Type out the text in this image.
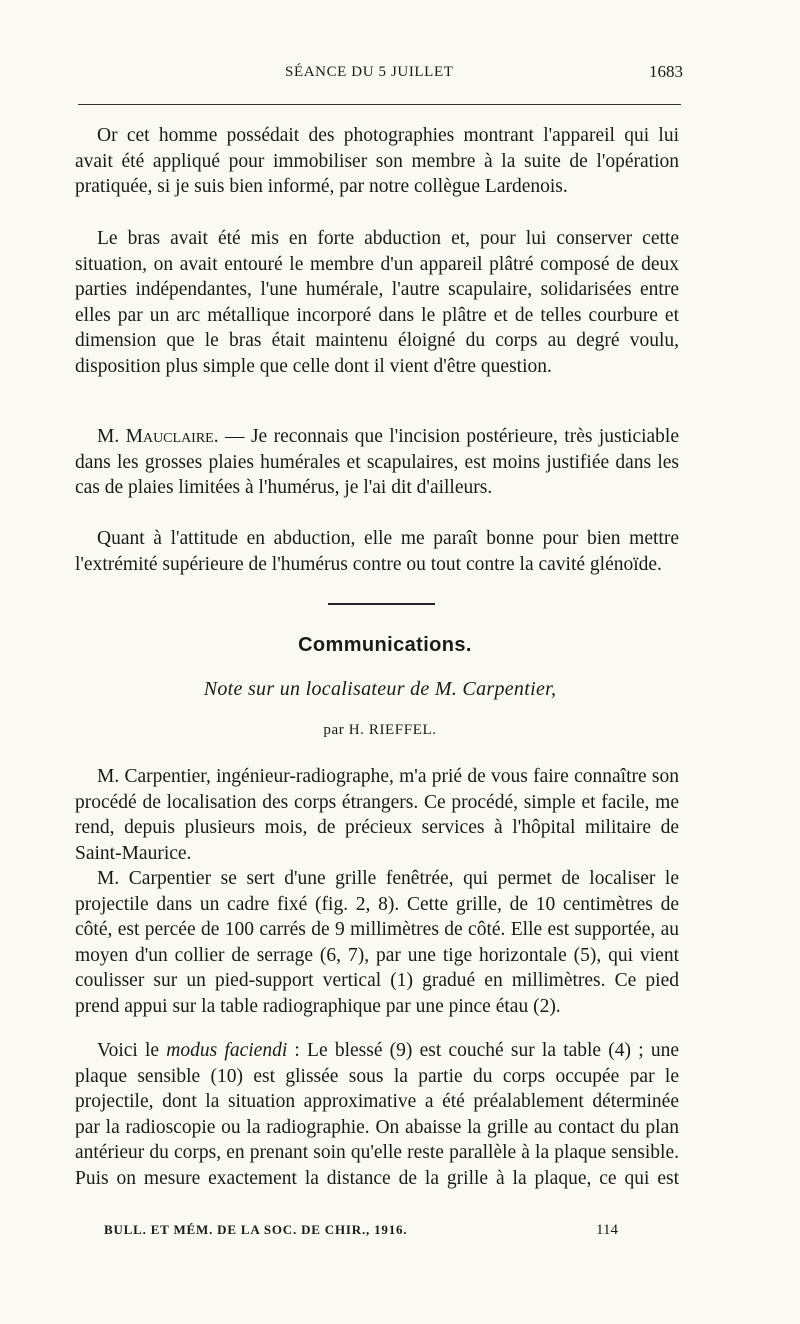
SÉANCE DU 5 JUILLET	1683

Or cet homme possédait des photographies montrant l'appareil qui lui avait été appliqué pour immobiliser son membre à la suite de l'opération pratiquée, si je suis bien informé, par notre collègue Lardenois.

Le bras avait été mis en forte abduction et, pour lui conserver cette situation, on avait entouré le membre d'un appareil plâtré composé de deux parties indépendantes, l'une humérale, l'autre scapulaire, solidarisées entre elles par un arc métallique incorporé dans le plâtre et de telles courbure et dimension que le bras était maintenu éloigné du corps au degré voulu, disposition plus simple que celle dont il vient d'être question.

M. Mauclaire. — Je reconnais que l'incision postérieure, très justiciable dans les grosses plaies humérales et scapulaires, est moins justifiée dans les cas de plaies limitées à l'humérus, je l'ai dit d'ailleurs.

Quant à l'attitude en abduction, elle me paraît bonne pour bien mettre l'extrémité supérieure de l'humérus contre ou tout contre la cavité glénoïde.

Communications.
Note sur un localisateur de M. Carpentier,
par H. RIEFFEL.

M. Carpentier, ingénieur-radiographe, m'a prié de vous faire connaître son procédé de localisation des corps étrangers. Ce procédé, simple et facile, me rend, depuis plusieurs mois, de précieux services à l'hôpital militaire de Saint-Maurice.

M. Carpentier se sert d'une grille fenêtrée, qui permet de localiser le projectile dans un cadre fixé (fig. 2, 8). Cette grille, de 10 centimètres de côté, est percée de 100 carrés de 9 millimètres de côté. Elle est supportée, au moyen d'un collier de serrage (6, 7), par une tige horizontale (5), qui vient coulisser sur un pied-support vertical (1) gradué en millimètres. Ce pied prend appui sur la table radiographique par une pince étau (2).

Voici le modus faciendi : Le blessé (9) est couché sur la table (4) ; une plaque sensible (10) est glissée sous la partie du corps occupée par le projectile, dont la situation approximative a été préalablement déterminée par la radioscopie ou la radiographie. On abaisse la grille au contact du plan antérieur du corps, en prenant soin qu'elle reste parallèle à la plaque sensible. Puis on mesure exactement la distance de la grille à la plaque, ce qui est

BULL. ET MÉM. DE LA SOC. DE CHIR., 1916.	114
